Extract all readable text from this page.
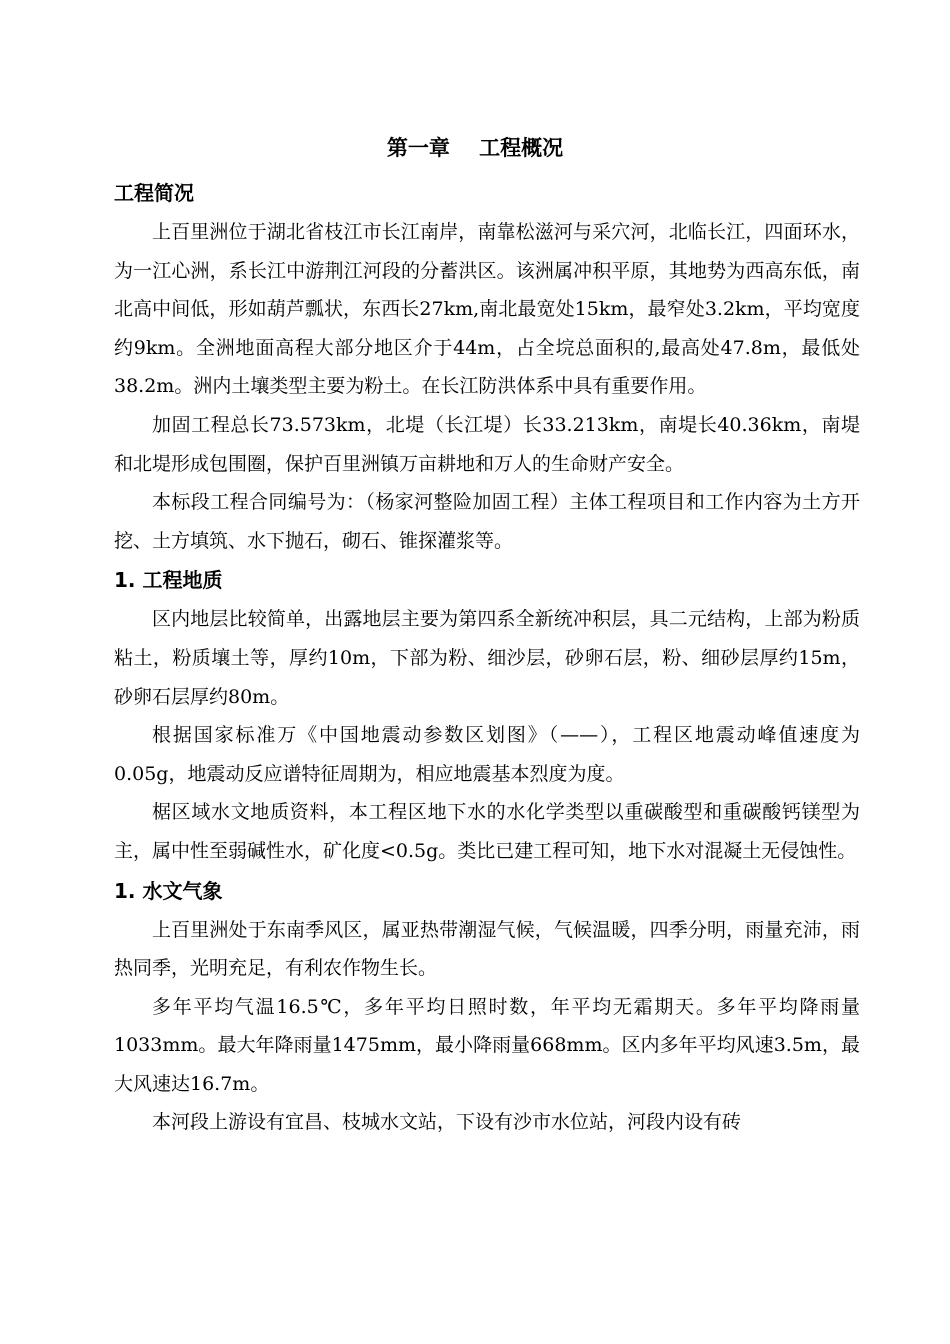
第一章    工程概况
工程简况

上百里洲位于湖北省枝江市长江南岸，南靠松滋河与采穴河，北临长江，四面环水，为一江心洲，系长江中游荆江河段的分蓄洪区。该洲属冲积平原，其地势为西高东低，南北高中间低，形如葫芦瓢状，东西长27km,南北最宽处15km，最窄处3.2km，平均宽度约9km。全洲地面高程大部分地区介于44m，占全垸总面积的,最高处47.8m，最低处38.2m。洲内土壤类型主要为粉土。在长江防洪体系中具有重要作用。

加固工程总长73.573km，北堤（长江堤）长33.213km，南堤长40.36km，南堤和北堤形成包围圈，保护百里洲镇万亩耕地和万人的生命财产安全。

本标段工程合同编号为：（杨家河整险加固工程）主体工程项目和工作内容为土方开挖、土方填筑、水下抛石，砌石、锥探灌浆等。

1. 工程地质

区内地层比较简单，出露地层主要为第四系全新统冲积层，具二元结构，上部为粉质粘土，粉质壤土等，厚约10m，下部为粉、细沙层，砂卵石层，粉、细砂层厚约15m，砂卵石层厚约80m。

根据国家标准万《中国地震动参数区划图》（——），工程区地震动峰值速度为0.05g，地震动反应谱特征周期为，相应地震基本烈度为度。

椐区域水文地质资料，本工程区地下水的水化学类型以重碳酸型和重碳酸钙镁型为主，属中性至弱碱性水，矿化度<0.5g。类比已建工程可知，地下水对混凝土无侵蚀性。

1. 水文气象

上百里洲处于东南季风区，属亚热带潮湿气候，气候温暖，四季分明，雨量充沛，雨热同季，光明充足，有利农作物生长。

多年平均气温16.5℃，多年平均日照时数，年平均无霜期天。多年平均降雨量1033mm。最大年降雨量1475mm，最小降雨量668mm。区内多年平均风速3.5m，最大风速达16.7m。

本河段上游设有宜昌、枝城水文站，下设有沙市水位站，河段内设有砖
